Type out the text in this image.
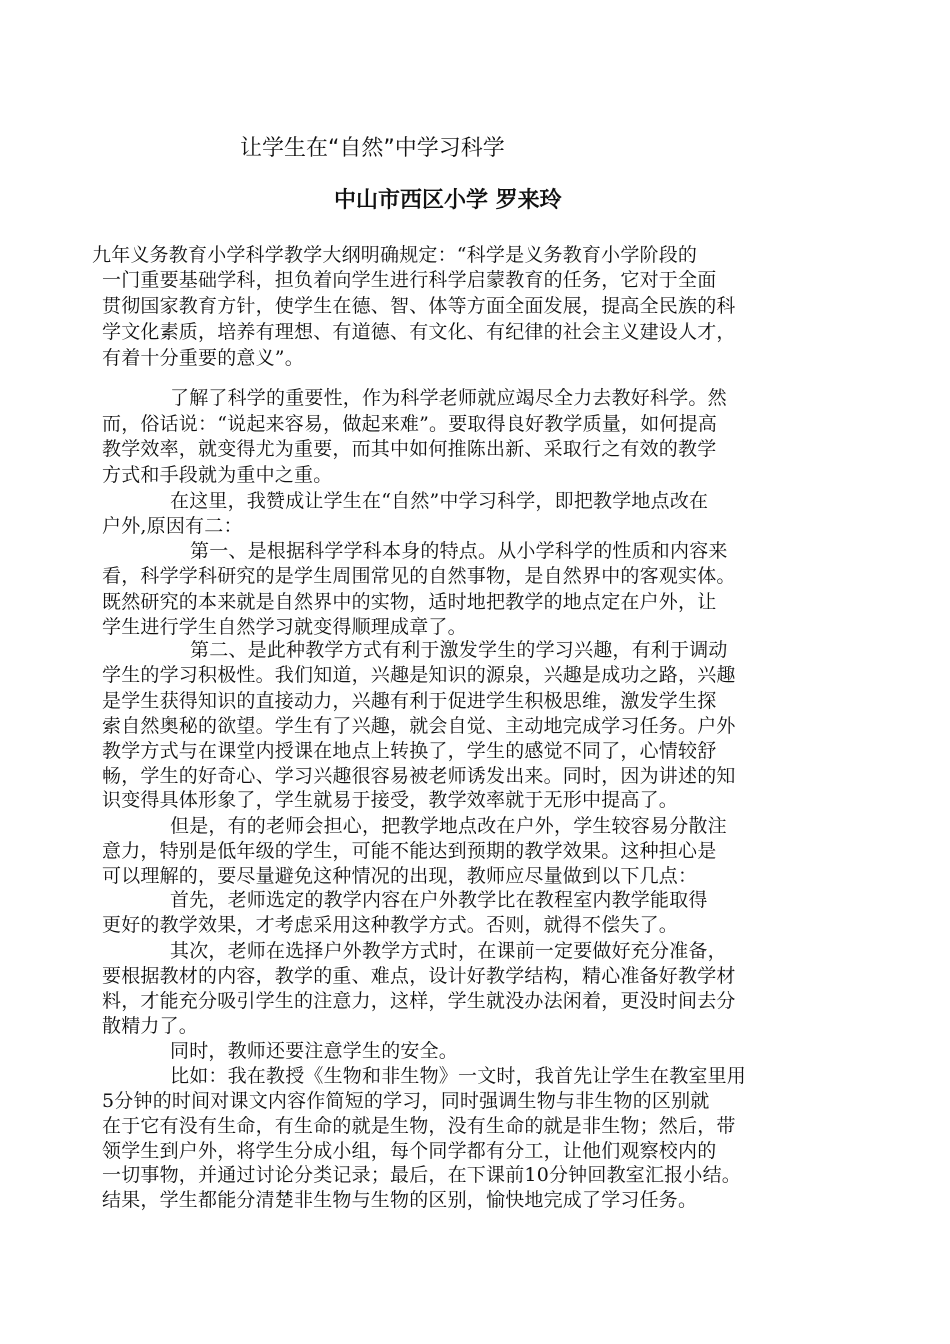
让学生在“自然”中学习科学
中山市西区小学 罗来玲
九年义务教育小学科学教学大纲明确规定：“科学是义务教育小学阶段的
一门重要基础学科，担负着向学生进行科学启蒙教育的任务，它对于全面
贯彻国家教育方针，使学生在德、智、体等方面全面发展，提高全民族的科
学文化素质，培养有理想、有道德、有文化、有纪律的社会主义建设人才，
有着十分重要的意义”。
了解了科学的重要性，作为科学老师就应竭尽全力去教好科学。然
而，俗话说：“说起来容易，做起来难”。要取得良好教学质量，如何提高
教学效率，就变得尤为重要，而其中如何推陈出新、采取行之有效的教学
方式和手段就为重中之重。
在这里，我赞成让学生在“自然”中学习科学，即把教学地点改在
户外,原因有二：
第一、是根据科学学科本身的特点。从小学科学的性质和内容来
看，科学学科研究的是学生周围常见的自然事物，是自然界中的客观实体。
既然研究的本来就是自然界中的实物，适时地把教学的地点定在户外，让
学生进行学生自然学习就变得顺理成章了。
第二、是此种教学方式有利于激发学生的学习兴趣，有利于调动
学生的学习积极性。我们知道，兴趣是知识的源泉，兴趣是成功之路，兴趣
是学生获得知识的直接动力，兴趣有利于促进学生积极思维，激发学生探
索自然奥秘的欲望。学生有了兴趣，就会自觉、主动地完成学习任务。户外
教学方式与在课堂内授课在地点上转换了，学生的感觉不同了，心情较舒
畅，学生的好奇心、学习兴趣很容易被老师诱发出来。同时，因为讲述的知
识变得具体形象了，学生就易于接受，教学效率就于无形中提高了。
但是，有的老师会担心，把教学地点改在户外，学生较容易分散注
意力，特别是低年级的学生，可能不能达到预期的教学效果。这种担心是
可以理解的，要尽量避免这种情况的出现，教师应尽量做到以下几点：
首先，老师选定的教学内容在户外教学比在教程室内教学能取得
更好的教学效果，才考虑采用这种教学方式。否则，就得不偿失了。
其次，老师在选择户外教学方式时，在课前一定要做好充分准备，
要根据教材的内容，教学的重、难点，设计好教学结构，精心准备好教学材
料，才能充分吸引学生的注意力，这样，学生就没办法闲着，更没时间去分
散精力了。
同时，教师还要注意学生的安全。
比如：我在教授《生物和非生物》一文时，我首先让学生在教室里用
5分钟的时间对课文内容作简短的学习，同时强调生物与非生物的区别就
在于它有没有生命，有生命的就是生物，没有生命的就是非生物；然后，带
领学生到户外，将学生分成小组，每个同学都有分工，让他们观察校内的
一切事物，并通过讨论分类记录；最后，在下课前10分钟回教室汇报小结。
结果，学生都能分清楚非生物与生物的区别，愉快地完成了学习任务。
